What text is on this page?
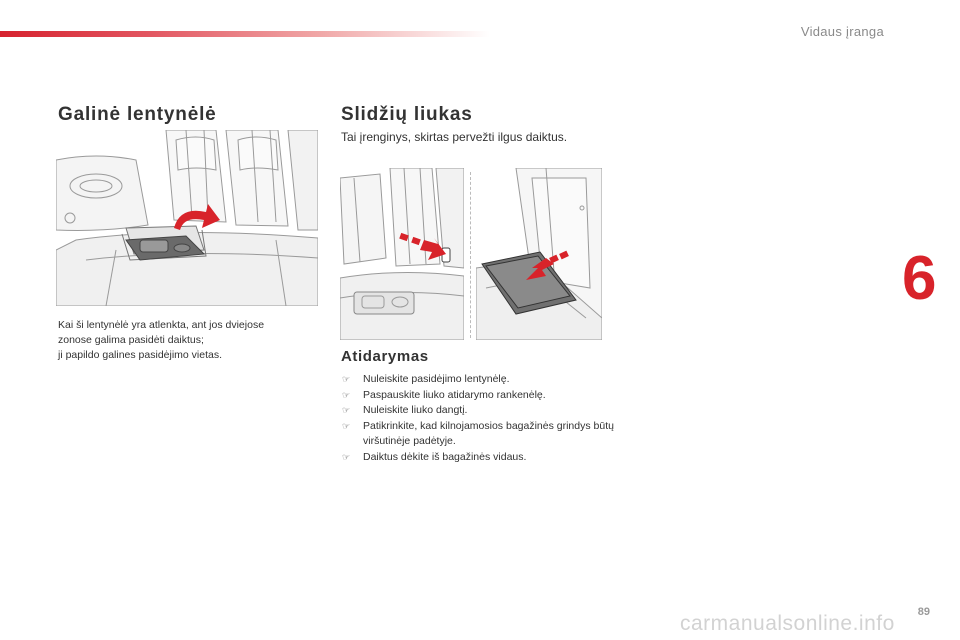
Vidaus įranga
6
Galinė lentynėlė
Kai ši lentynėlė yra atlenkta, ant jos dviejose
zonose galima pasidėti daiktus;
ji papildo galines pasidėjimo vietas.
Slidžių liukas
Tai įrenginys, skirtas pervežti ilgus daiktus.
Atidarymas
☞ Nuleiskite pasidėjimo lentynėlę.
☞ Paspauskite liuko atidarymo rankenėlę.
☞ Nuleiskite liuko dangtį.
☞ Patikrinkite, kad kilnojamosios bagažinės grindys būtų viršutinėje padėtyje.
☞ Daiktus dėkite iš bagažinės vidaus.
89
carmanualsonline.info
